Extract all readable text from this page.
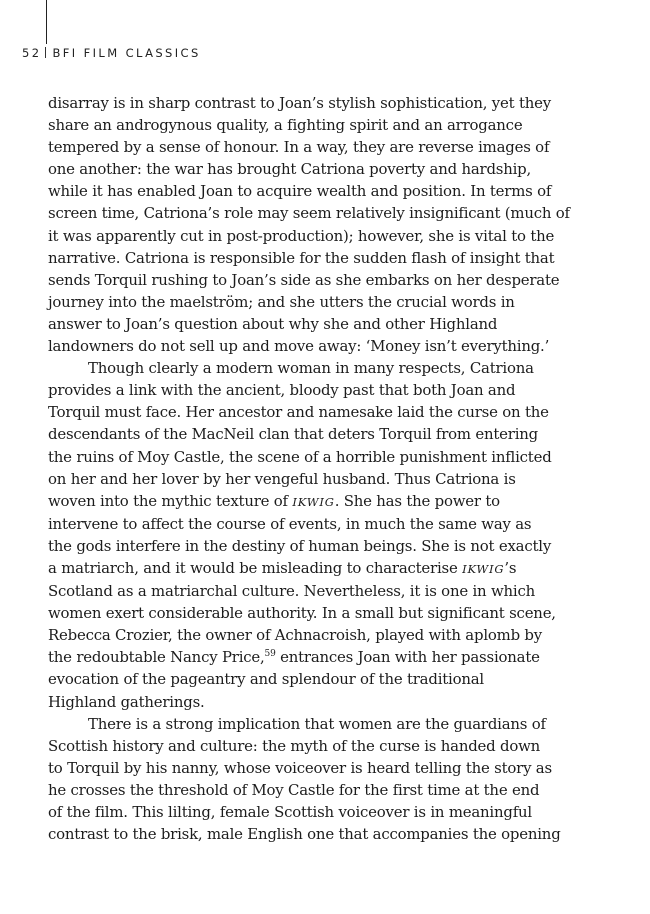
52 BFI FILM CLASSICS
disarray is in sharp contrast to Joan’s stylish sophistication, yet they
share an androgynous quality, a fighting spirit and an arrogance
tempered by a sense of honour. In a way, they are reverse images of
one another: the war has brought Catriona poverty and hardship,
while it has enabled Joan to acquire wealth and position. In terms of
screen time, Catriona’s role may seem relatively insignificant (much of
it was apparently cut in post-production); however, she is vital to the
narrative. Catriona is responsible for the sudden flash of insight that
sends Torquil rushing to Joan’s side as she embarks on her desperate
journey into the maelström; and she utters the crucial words in
answer to Joan’s question about why she and other Highland
landowners do not sell up and move away: ‘Money isn’t everything.’
Though clearly a modern woman in many respects, Catriona
provides a link with the ancient, bloody past that both Joan and
Torquil must face. Her ancestor and namesake laid the curse on the
descendants of the MacNeil clan that deters Torquil from entering
the ruins of Moy Castle, the scene of a horrible punishment inflicted
on her and her lover by her vengeful husband. Thus Catriona is
woven into the mythic texture of IKWIG. She has the power to
intervene to affect the course of events, in much the same way as
the gods interfere in the destiny of human beings. She is not exactly
a matriarch, and it would be misleading to characterise IKWIG’s
Scotland as a matriarchal culture. Nevertheless, it is one in which
women exert considerable authority. In a small but significant scene,
Rebecca Crozier, the owner of Achnacroish, played with aplomb by
the redoubtable Nancy Price,$^{59}$ entrances Joan with her passionate
evocation of the pageantry and splendour of the traditional
Highland gatherings.
There is a strong implication that women are the guardians of
Scottish history and culture: the myth of the curse is handed down
to Torquil by his nanny, whose voiceover is heard telling the story as
he crosses the threshold of Moy Castle for the first time at the end
of the film. This lilting, female Scottish voiceover is in meaningful
contrast to the brisk, male English one that accompanies the opening
